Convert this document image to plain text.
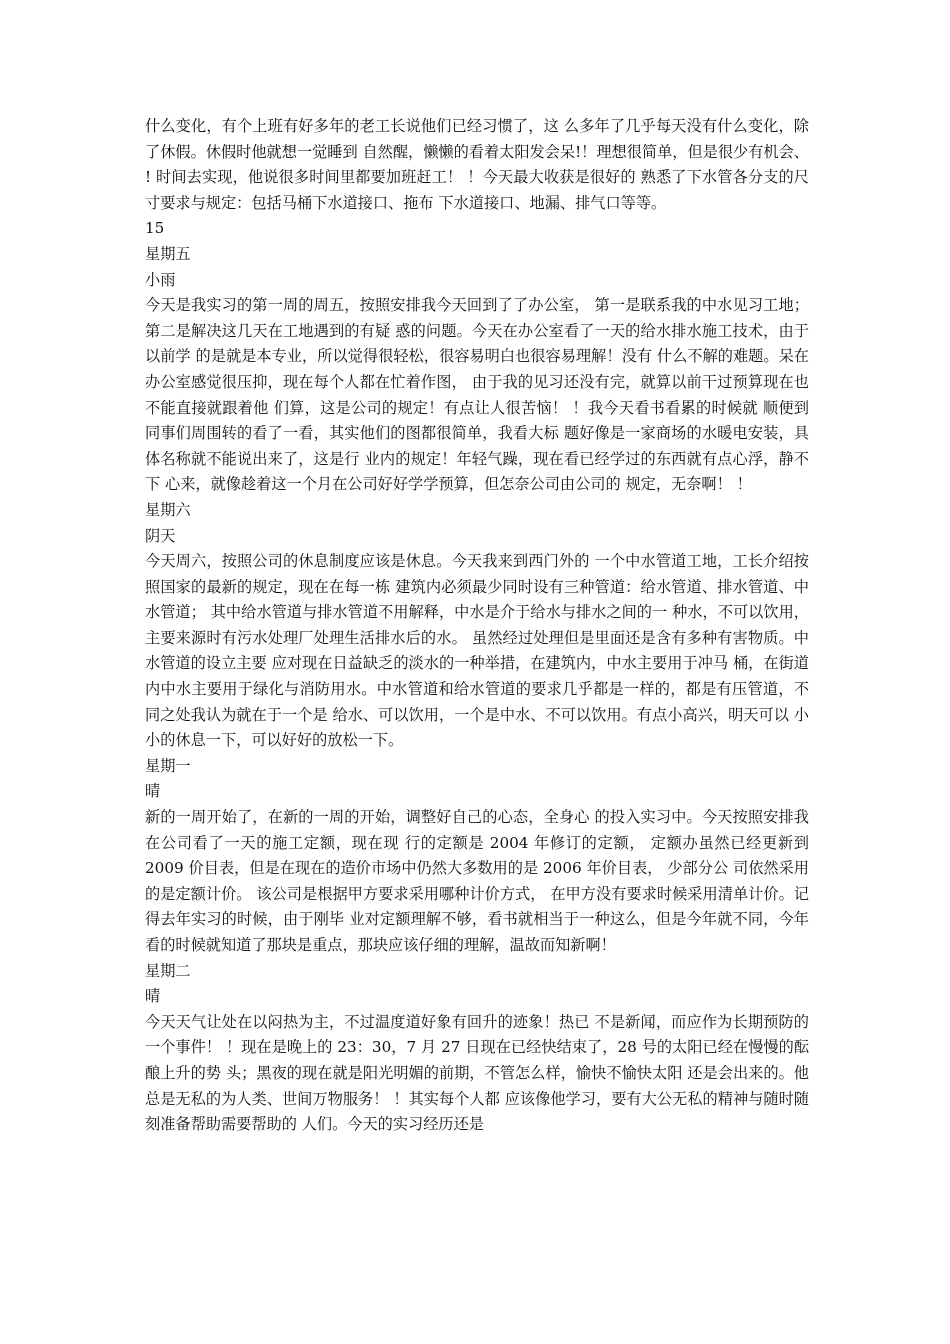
什么变化，有个上班有好多年的老工长说他们已经习惯了，这 么多年了几乎每天没有什么变化，除了休假。休假时他就想一觉睡到 自然醒，懒懒的看着太阳发会呆!！理想很简单，但是很少有机会、 ! 时间去实现，他说很多时间里都要加班赶工！ ！今天最大收获是很好的 熟悉了下水管各分支的尺寸要求与规定：包括马桶下水道接口、拖布 下水道接口、地漏、排气口等等。

15

星期五

小雨

今天是我实习的第一周的周五，按照安排我今天回到了了办公室， 第一是联系我的中水见习工地；第二是解决这几天在工地遇到的有疑 惑的问题。今天在办公室看了一天的给水排水施工技术，由于以前学 的是就是本专业，所以觉得很轻松，很容易明白也很容易理解！没有 什么不解的难题。呆在办公室感觉很压抑，现在每个人都在忙着作图， 由于我的见习还没有完，就算以前干过预算现在也不能直接就跟着他 们算，这是公司的规定！有点让人很苦恼！ ！我今天看书看累的时候就 顺便到同事们周围转的看了一看，其实他们的图都很简单，我看大标 题好像是一家商场的水暖电安装，具体名称就不能说出来了，这是行 业内的规定！年轻气躁，现在看已经学过的东西就有点心浮，静不下 心来，就像趁着这一个月在公司好好学学预算，但怎奈公司由公司的 规定，无奈啊！ ！

星期六

阴天

今天周六，按照公司的休息制度应该是休息。今天我来到西门外的 一个中水管道工地，工长介绍按照国家的最新的规定，现在在每一栋 建筑内必须最少同时设有三种管道：给水管道、排水管道、中水管道； 其中给水管道与排水管道不用解释，中水是介于给水与排水之间的一 种水，不可以饮用，主要来源时有污水处理厂处理生活排水后的水。 虽然经过处理但是里面还是含有多种有害物质。中水管道的设立主要 应对现在日益缺乏的淡水的一种举措，在建筑内，中水主要用于冲马 桶，在街道内中水主要用于绿化与消防用水。中水管道和给水管道的要求几乎都是一样的，都是有压管道，不同之处我认为就在于一个是 给水、可以饮用，一个是中水、不可以饮用。有点小高兴，明天可以 小小的休息一下，可以好好的放松一下。

星期一

晴

新的一周开始了，在新的一周的开始，调整好自己的心态，全身心 的投入实习中。今天按照安排我在公司看了一天的施工定额，现在现 行的定额是 2004 年修订的定额， 定额办虽然已经更新到 2009 价目表，但是在现在的造价市场中仍然大多数用的是 2006 年价目表， 少部分公 司依然采用的是定额计价。 该公司是根据甲方要求采用哪种计价方式， 在甲方没有要求时候采用清单计价。记得去年实习的时候，由于刚毕 业对定额理解不够，看书就相当于一种这么，但是今年就不同，今年 看的时候就知道了那块是重点，那块应该仔细的理解，温故而知新啊！

星期二

晴

今天天气让处在以闷热为主，不过温度道好象有回升的迹象！热已 不是新闻，而应作为长期预防的一个事件！ ！现在是晚上的 23：30，7 月 27 日现在已经快结束了，28 号的太阳已经在慢慢的酝酿上升的势 头；黑夜的现在就是阳光明媚的前期，不管怎么样，愉快不愉快太阳 还是会出来的。他总是无私的为人类、世间万物服务！ ！其实每个人都 应该像他学习，要有大公无私的精神与随时随刻准备帮助需要帮助的 人们。今天的实习经历还是
